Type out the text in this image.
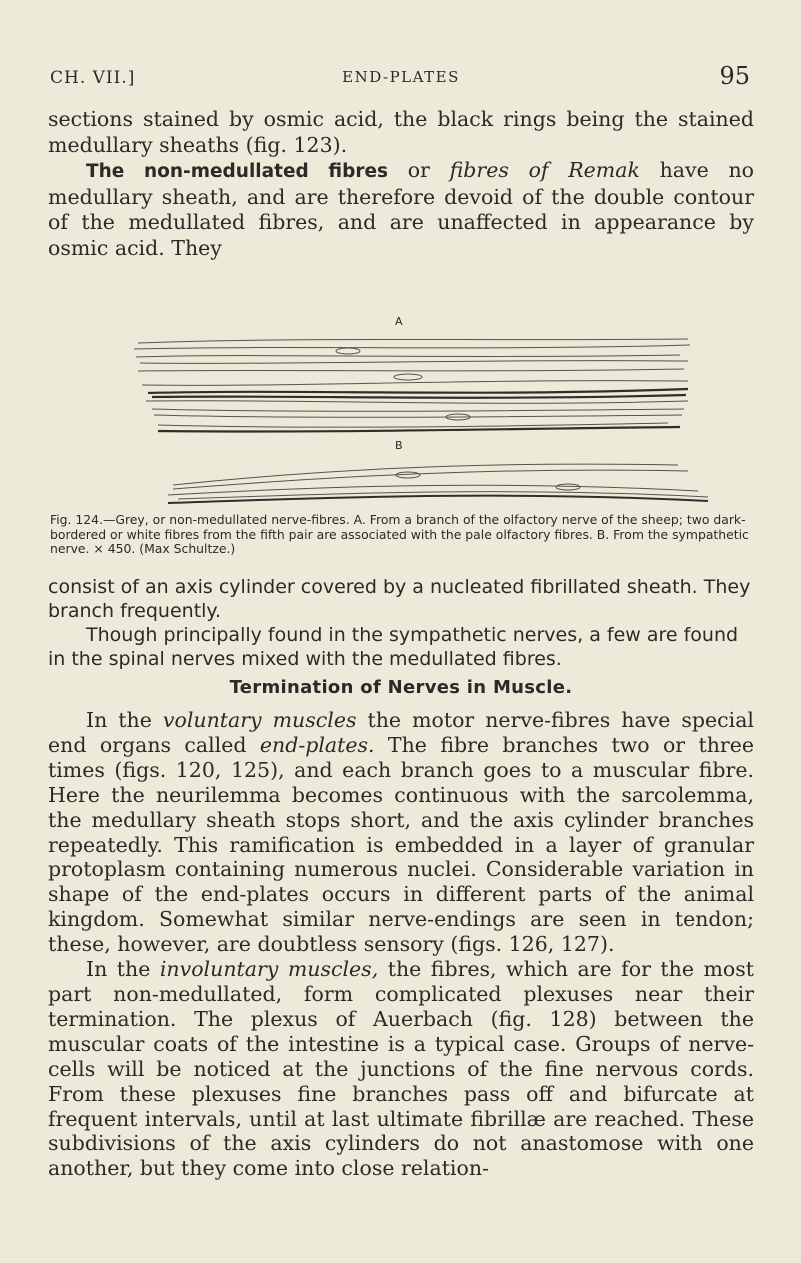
CH. VII.]	END-PLATES	95

sections stained by osmic acid, the black rings being the stained medullary sheaths (fig. 123).

The non-medullated fibres or fibres of Remak have no medullary sheath, and are therefore devoid of the double contour of the medullated fibres, and are unaffected in appearance by osmic acid. They

A
B

Fig. 124.—Grey, or non-medullated nerve-fibres. A. From a branch of the olfactory nerve of the sheep; two dark-bordered or white fibres from the fifth pair are associated with the pale olfactory fibres. B. From the sympathetic nerve. × 450. (Max Schultze.)

consist of an axis cylinder covered by a nucleated fibrillated sheath. They branch frequently.

Though principally found in the sympathetic nerves, a few are found in the spinal nerves mixed with the medullated fibres.

Termination of Nerves in Muscle.

In the voluntary muscles the motor nerve-fibres have special end organs called end-plates. The fibre branches two or three times (figs. 120, 125), and each branch goes to a muscular fibre. Here the neurilemma becomes continuous with the sarcolemma, the medullary sheath stops short, and the axis cylinder branches repeatedly. This ramification is embedded in a layer of granular protoplasm containing numerous nuclei. Considerable variation in shape of the end-plates occurs in different parts of the animal kingdom. Somewhat similar nerve-endings are seen in tendon; these, however, are doubtless sensory (figs. 126, 127).

In the involuntary muscles, the fibres, which are for the most part non-medullated, form complicated plexuses near their termination. The plexus of Auerbach (fig. 128) between the muscular coats of the intestine is a typical case. Groups of nerve-cells will be noticed at the junctions of the fine nervous cords. From these plexuses fine branches pass off and bifurcate at frequent intervals, until at last ultimate fibrillæ are reached. These subdivisions of the axis cylinders do not anastomose with one another, but they come into close relation-
